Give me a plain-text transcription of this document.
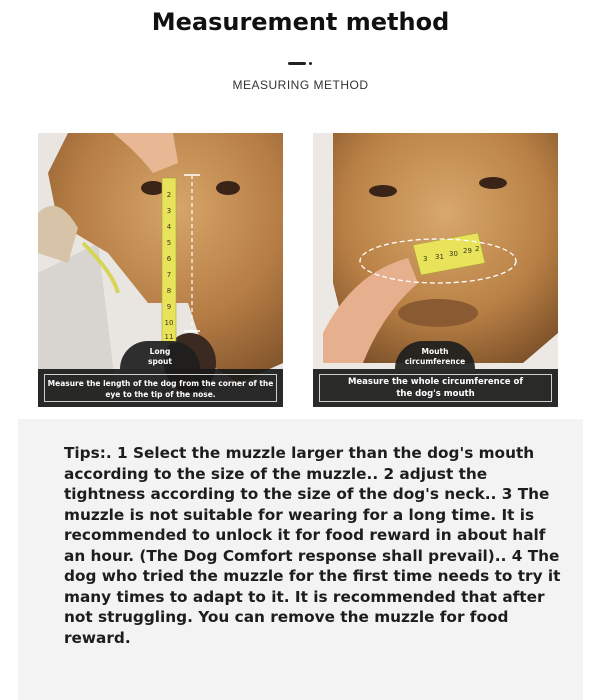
Measurement method
MEASURING METHOD
2
3
4
5
6
7
8
9
10
11
Long
spout
Measure the length of the dog from the corner of the
eye to the tip of the nose.
3 31 30 29 2
Mouth
circumference
Measure the whole circumference of
the dog's mouth
Tips:. 1 Select the muzzle larger than the dog's mouth according to the size of the muzzle.. 2 adjust the tightness according to the size of the dog's neck.. 3 The muzzle is not suitable for wearing for a long time. It is recommended to unlock it for food reward in about half an hour. (The Dog Comfort response shall prevail).. 4 The dog who tried the muzzle for the first time needs to try it many times to adapt to it. It is recommended that after not struggling. You can remove the muzzle for food reward.
